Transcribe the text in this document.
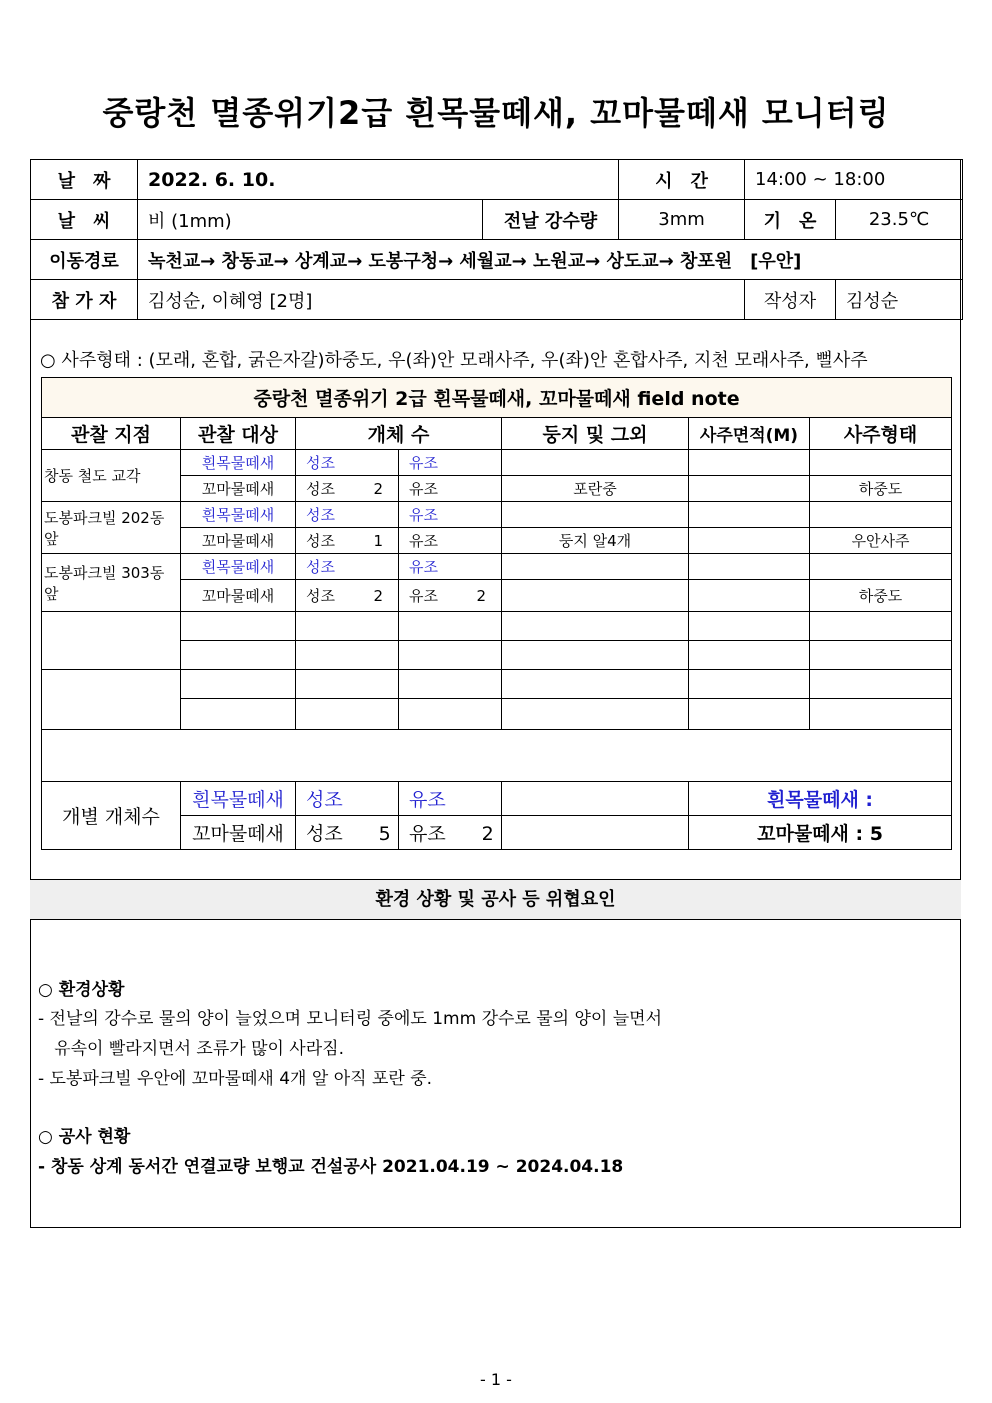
중랑천 멸종위기2급 흰목물떼새, 꼬마물떼새 모니터링
날　짜	2022. 6. 10.		시　간	14:00 ~ 18:00	
날　씨	비 (1mm)	전날 강수량	3mm	기　온	23.5℃
이동경로	녹천교→ 창동교→ 상계교→ 도봉구청→ 세월교→ 노원교→ 상도교→ 창포원　[우안]				
참 가 자	김성순, 이혜영 [2명]			작성자	김성순
○ 사주형태 : (모래, 혼합, 굵은자갈)하중도, 우(좌)안 모래사주, 우(좌)안 혼합사주, 지천 모래사주, 뻘사주
중랑천 멸종위기 2급 흰목물떼새, 꼬마물떼새 field note						
관찰 지점	관찰 대상	개체 수		둥지 및 그외	사주면적(M)	사주형태
창동 철도 교각	흰목물떼새	성조	유조			
	꼬마물떼새	성조 2	유조	포란중		하중도
도봉파크빌 202동 앞	흰목물떼새	성조	유조			
	꼬마물떼새	성조 1	유조	둥지 알4개		우안사주
도봉파크빌 303동 앞	흰목물떼새	성조	유조			
	꼬마물떼새	성조 2	유조 2			하중도

개별 개체수	흰목물떼새	성조	유조		흰목물떼새 :	
	꼬마물떼새	성조 5	유조 2		꼬마물떼새 : 5	
환경 상황 및 공사 등 위협요인
○ 환경상황
- 전날의 강수로 물의 양이 늘었으며 모니터링 중에도 1mm 강수로 물의 양이 늘면서
유속이 빨라지면서 조류가 많이 사라짐.
- 도봉파크빌 우안에 꼬마물떼새 4개 알 아직 포란 중.
○ 공사 현황
- 창동 상계 동서간 연결교량 보행교 건설공사 2021.04.19 ~ 2024.04.18
- 1 -
